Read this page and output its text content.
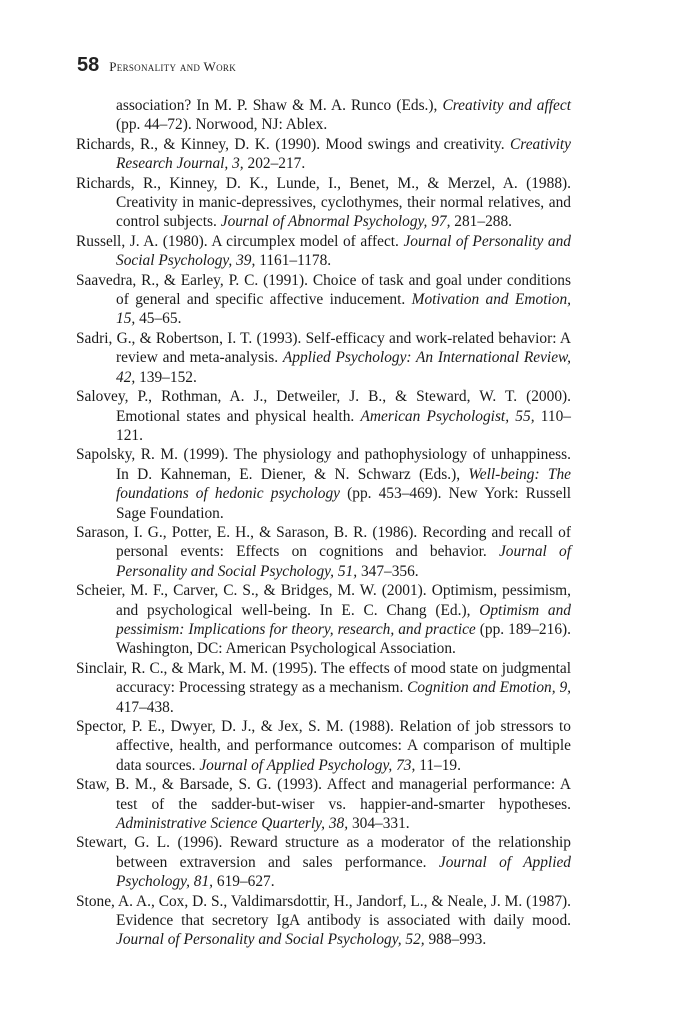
58 Personality and Work

association? In M. P. Shaw & M. A. Runco (Eds.), Creativity and affect (pp. 44–72). Norwood, NJ: Ablex.

Richards, R., & Kinney, D. K. (1990). Mood swings and creativity. Creativity Research Journal, 3, 202–217.

Richards, R., Kinney, D. K., Lunde, I., Benet, M., & Merzel, A. (1988). Creativity in manic-depressives, cyclothymes, their normal relatives, and control subjects. Journal of Abnormal Psychology, 97, 281–288.

Russell, J. A. (1980). A circumplex model of affect. Journal of Personality and Social Psychology, 39, 1161–1178.

Saavedra, R., & Earley, P. C. (1991). Choice of task and goal under conditions of general and specific affective inducement. Motivation and Emotion, 15, 45–65.

Sadri, G., & Robertson, I. T. (1993). Self-efficacy and work-related behavior: A review and meta-analysis. Applied Psychology: An International Review, 42, 139–152.

Salovey, P., Rothman, A. J., Detweiler, J. B., & Steward, W. T. (2000). Emotional states and physical health. American Psychologist, 55, 110–121.

Sapolsky, R. M. (1999). The physiology and pathophysiology of unhappiness. In D. Kahneman, E. Diener, & N. Schwarz (Eds.), Well-being: The foundations of hedonic psychology (pp. 453–469). New York: Russell Sage Foundation.

Sarason, I. G., Potter, E. H., & Sarason, B. R. (1986). Recording and recall of personal events: Effects on cognitions and behavior. Journal of Personality and Social Psychology, 51, 347–356.

Scheier, M. F., Carver, C. S., & Bridges, M. W. (2001). Optimism, pessimism, and psychological well-being. In E. C. Chang (Ed.), Optimism and pessimism: Implications for theory, research, and practice (pp. 189–216). Washington, DC: American Psychological Association.

Sinclair, R. C., & Mark, M. M. (1995). The effects of mood state on judgmental accuracy: Processing strategy as a mechanism. Cognition and Emotion, 9, 417–438.

Spector, P. E., Dwyer, D. J., & Jex, S. M. (1988). Relation of job stressors to affective, health, and performance outcomes: A comparison of multiple data sources. Journal of Applied Psychology, 73, 11–19.

Staw, B. M., & Barsade, S. G. (1993). Affect and managerial performance: A test of the sadder-but-wiser vs. happier-and-smarter hypotheses. Administrative Science Quarterly, 38, 304–331.

Stewart, G. L. (1996). Reward structure as a moderator of the relationship between extraversion and sales performance. Journal of Applied Psychology, 81, 619–627.

Stone, A. A., Cox, D. S., Valdimarsdottir, H., Jandorf, L., & Neale, J. M. (1987). Evidence that secretory IgA antibody is associated with daily mood. Journal of Personality and Social Psychology, 52, 988–993.
